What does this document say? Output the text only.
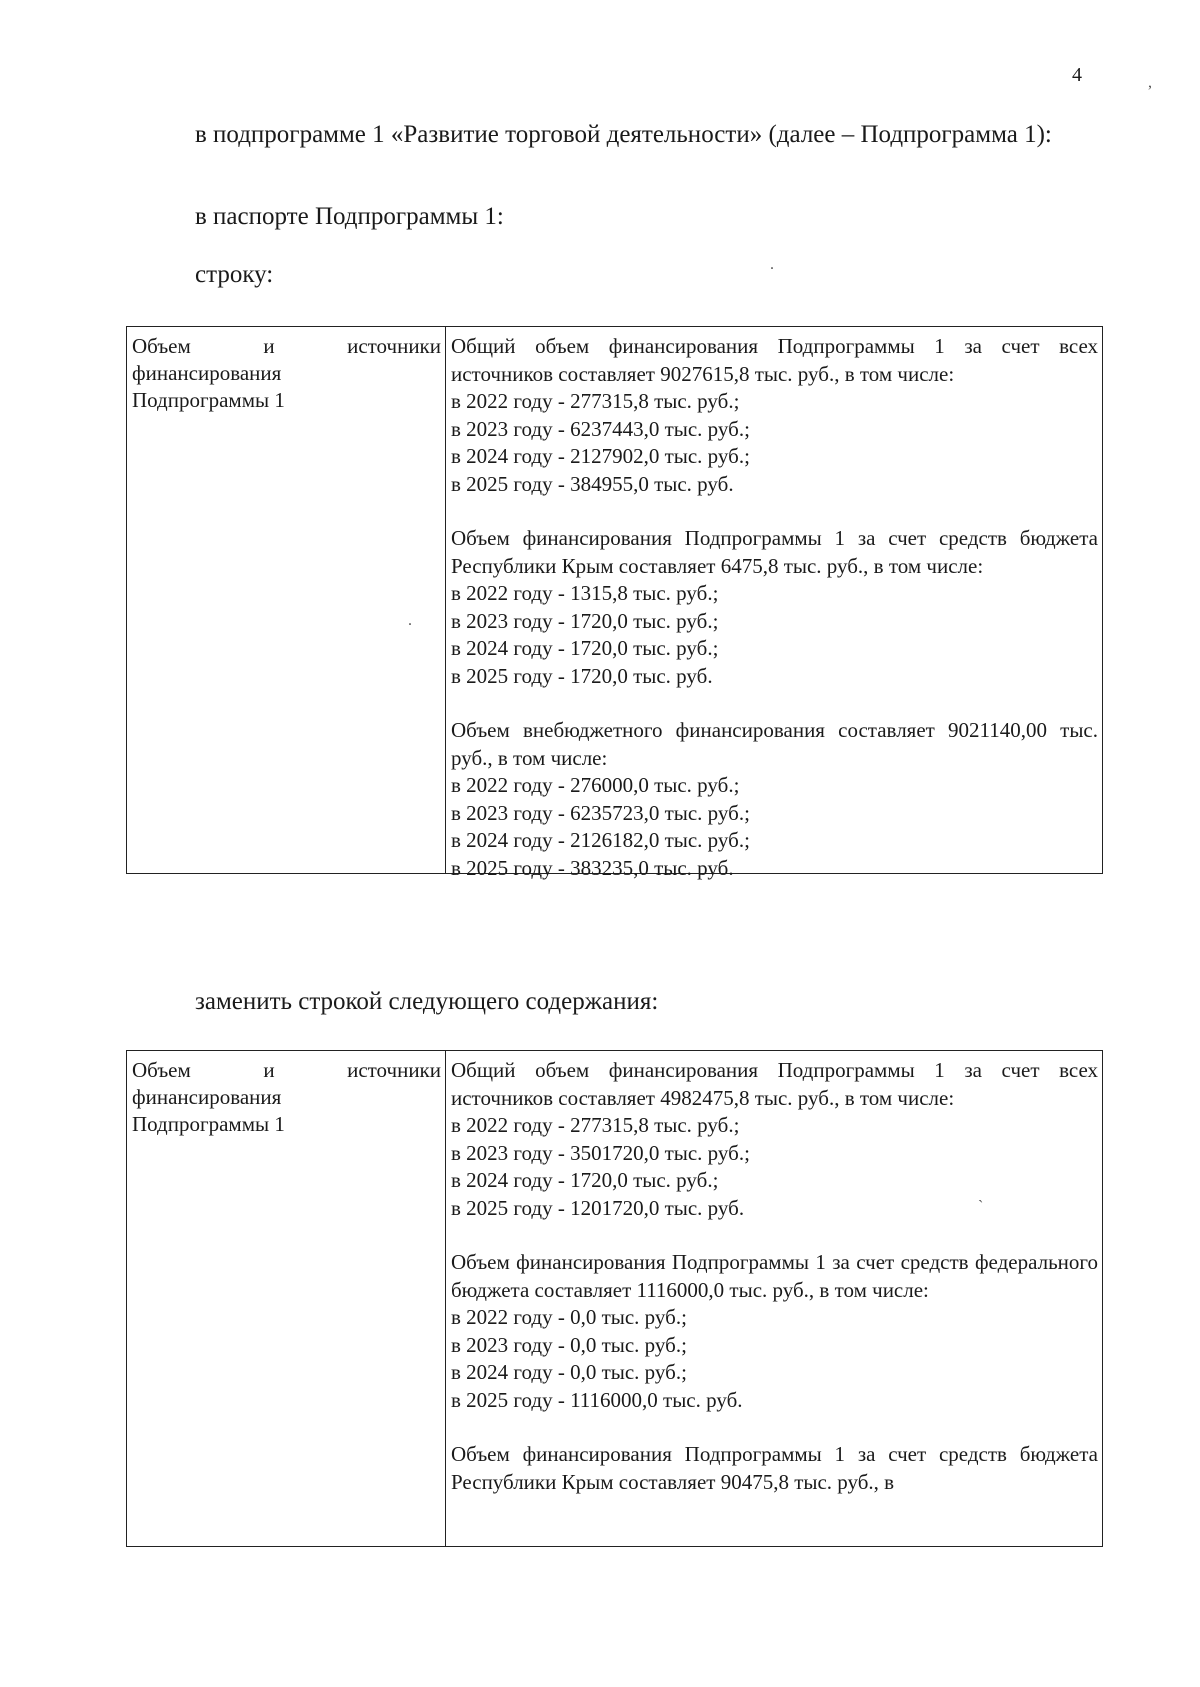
4
в подпрограмме 1 «Развитие торговой деятельности» (далее – Подпрограмма 1):
в паспорте Подпрограммы 1:
строку:
Объем и источники
финансирования
Подпрограммы 1
Общий объем финансирования Подпрограммы 1 за счет всех источников составляет 9027615,8 тыс. руб., в том числе:
в 2022 году - 277315,8 тыс. руб.;
в 2023 году - 6237443,0 тыс. руб.;
в 2024 году - 2127902,0 тыс. руб.;
в 2025 году - 384955,0 тыс. руб.
Объем финансирования Подпрограммы 1 за счет средств бюджета Республики Крым составляет 6475,8 тыс. руб., в том числе:
в 2022 году - 1315,8 тыс. руб.;
в 2023 году - 1720,0 тыс. руб.;
в 2024 году - 1720,0 тыс. руб.;
в 2025 году - 1720,0 тыс. руб.
Объем внебюджетного финансирования составляет 9021140,00 тыс. руб., в том числе:
в 2022 году - 276000,0 тыс. руб.;
в 2023 году - 6235723,0 тыс. руб.;
в 2024 году - 2126182,0 тыс. руб.;
в 2025 году - 383235,0 тыс. руб.
заменить строкой следующего содержания:
Объем и источники
финансирования
Подпрограммы 1
Общий объем финансирования Подпрограммы 1 за счет всех источников составляет 4982475,8 тыс. руб., в том числе:
в 2022 году - 277315,8 тыс. руб.;
в 2023 году - 3501720,0 тыс. руб.;
в 2024 году - 1720,0 тыс. руб.;
в 2025 году - 1201720,0 тыс. руб.
Объем финансирования Подпрограммы 1 за счет средств федерального бюджета составляет 1116000,0 тыс. руб., в том числе:
в 2022 году - 0,0 тыс. руб.;
в 2023 году - 0,0 тыс. руб.;
в 2024 году - 0,0 тыс. руб.;
в 2025 году - 1116000,0 тыс. руб.
Объем финансирования Подпрограммы 1 за счет средств бюджета Республики Крым составляет 90475,8 тыс. руб., в
,
.
.
`
